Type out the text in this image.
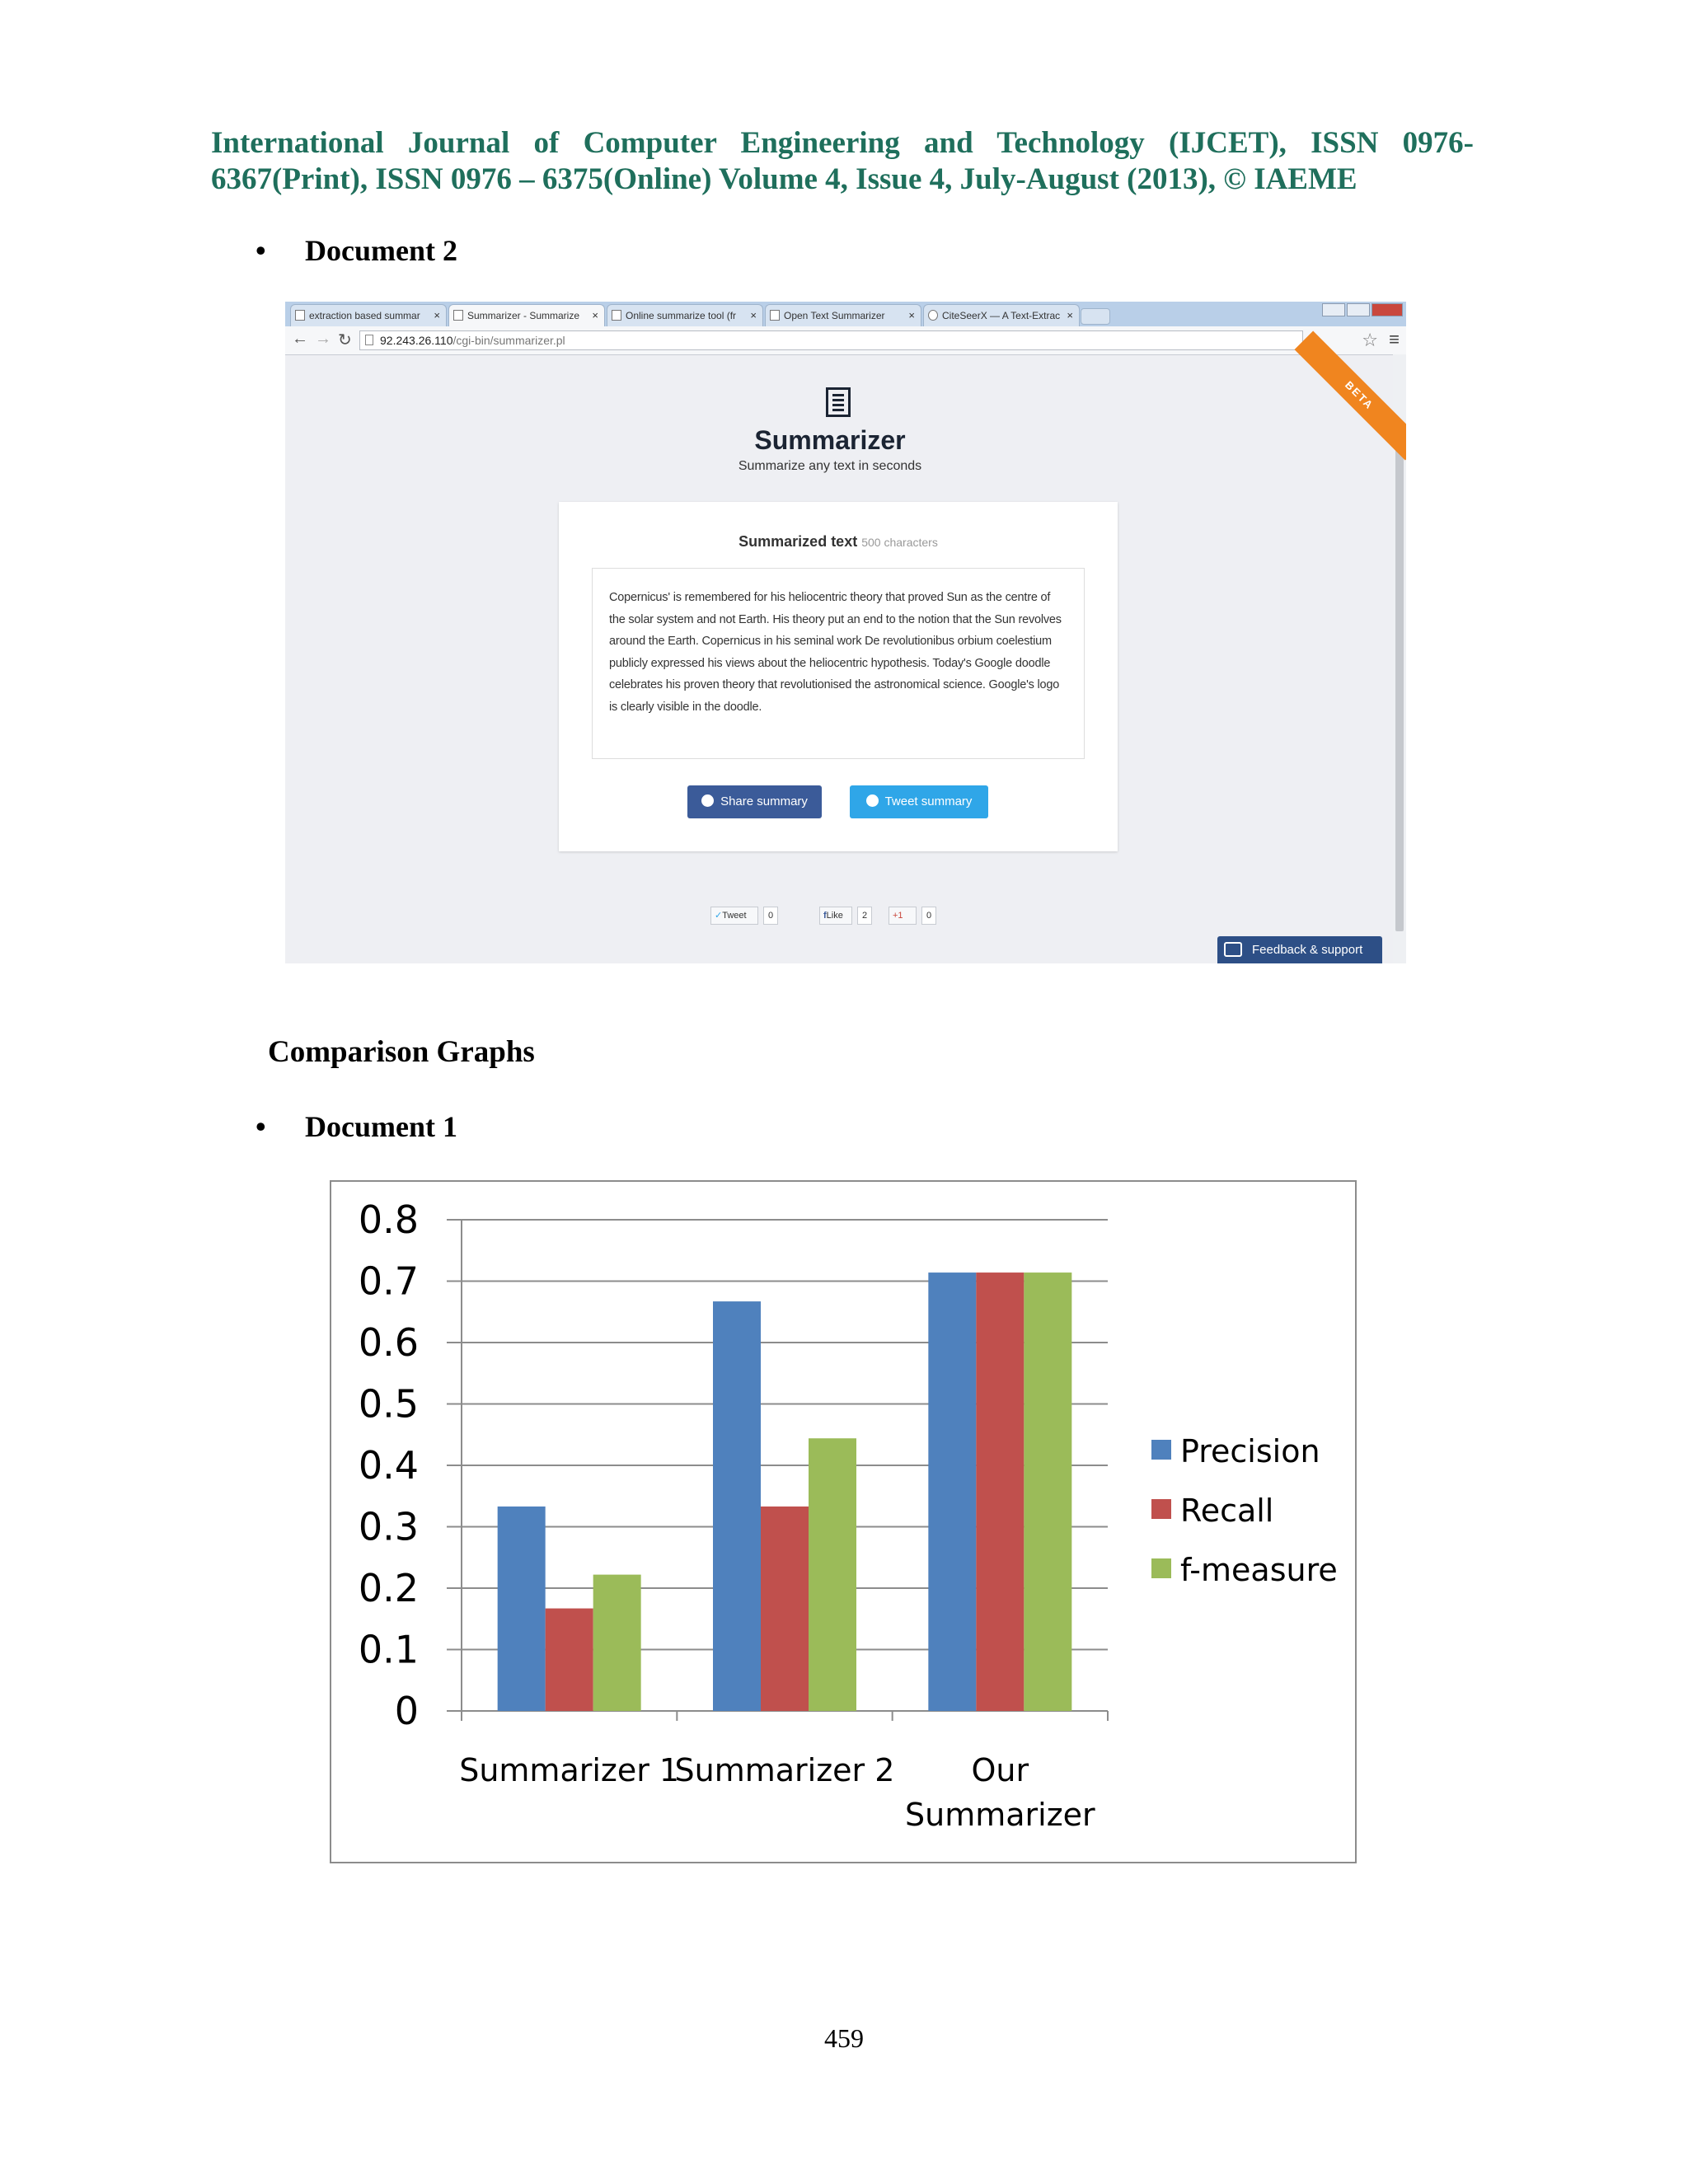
International Journal of Computer Engineering and Technology (IJCET), ISSN 0976-
6367(Print), ISSN 0976 – 6375(Online) Volume 4, Issue 4, July-August (2013), © IAEME
• Document 2
extraction based summar ×	Summarizer - Summarize ×	Online summarize tool (fr ×	Open Text Summarizer ×	CiteSeerX — A Text-Extrac ×
← → ↻	92.243.26.110/cgi-bin/summarizer.pl	☆ ≡
BETA
Summarizer
Summarize any text in seconds
Summarized text 500 characters
Copernicus' is remembered for his heliocentric theory that proved Sun as the centre of the solar system and not Earth. His theory put an end to the notion that the Sun revolves around the Earth. Copernicus in his seminal work De revolutionibus orbium coelestium publicly expressed his views about the heliocentric hypothesis. Today's Google doodle celebrates his proven theory that revolutionised the astronomical science. Google's logo is clearly visible in the doodle.
Share summary	Tweet summary
✓Tweet	0	fLike	2	+1	0
Feedback & support
Comparison Graphs
• Document 1
0
0.1
0.2
0.3
0.4
0.5
0.6
0.7
0.8
Summarizer 1
Summarizer 2 Our
Summarizer
Precision
Recall
f-measure
459
